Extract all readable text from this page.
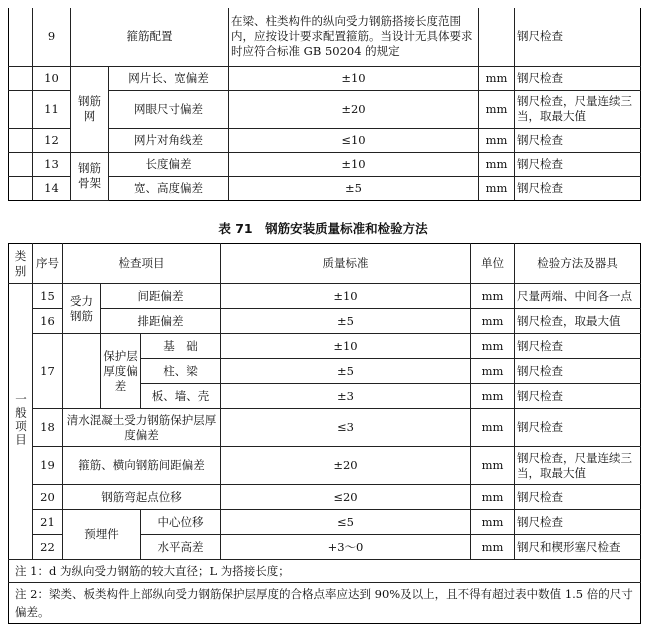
	9	箍筋配置		在梁、柱类构件的纵向受力钢筋搭接长度范围内，应按设计要求配置箍筋。当设计无具体要求时应符合标准 GB 50204 的规定		钢尺检查
	10	钢筋网	网片长、宽偏差	±10	mm	钢尺检查
	11		网眼尺寸偏差	±20	mm	钢尺检查，尺量连续三当，取最大值
	12		网片对角线差	≤10	mm	钢尺检查
	13	钢筋骨架	长度偏差	±10	mm	钢尺检查
	14		宽、高度偏差	±5	mm	钢尺检查
表 71　钢筋安装质量标准和检验方法
类别	序号	检查项目			质量标准	单位	检验方法及器具
一般项目	15	受力钢筋	间距偏差		±10	mm	尺量两端、中间各一点
	16		排距偏差		±5	mm	钢尺检查，取最大值
	17		保护层厚度偏差	基　础	±10	mm	钢尺检查
				柱、梁	±5	mm	钢尺检查
				板、墙、壳	±3	mm	钢尺检查
	18	清水混凝土受力钢筋保护层厚度偏差			≤3	mm	钢尺检查
	19	箍筋、横向钢筋间距偏差			±20	mm	钢尺检查，尺量连续三当，取最大值
	20	钢筋弯起点位移			≤20	mm	钢尺检查
	21	预埋件		中心位移	≤5	mm	钢尺检查
	22			水平高差	+3～0	mm	钢尺和楔形塞尺检查
注 1：d 为纵向受力钢筋的较大直径；L 为搭接长度；							
注 2：梁类、板类构件上部纵向受力钢筋保护层厚度的合格点率应达到 90%及以上，且不得有超过表中数值 1.5 倍的尺寸偏差。							
